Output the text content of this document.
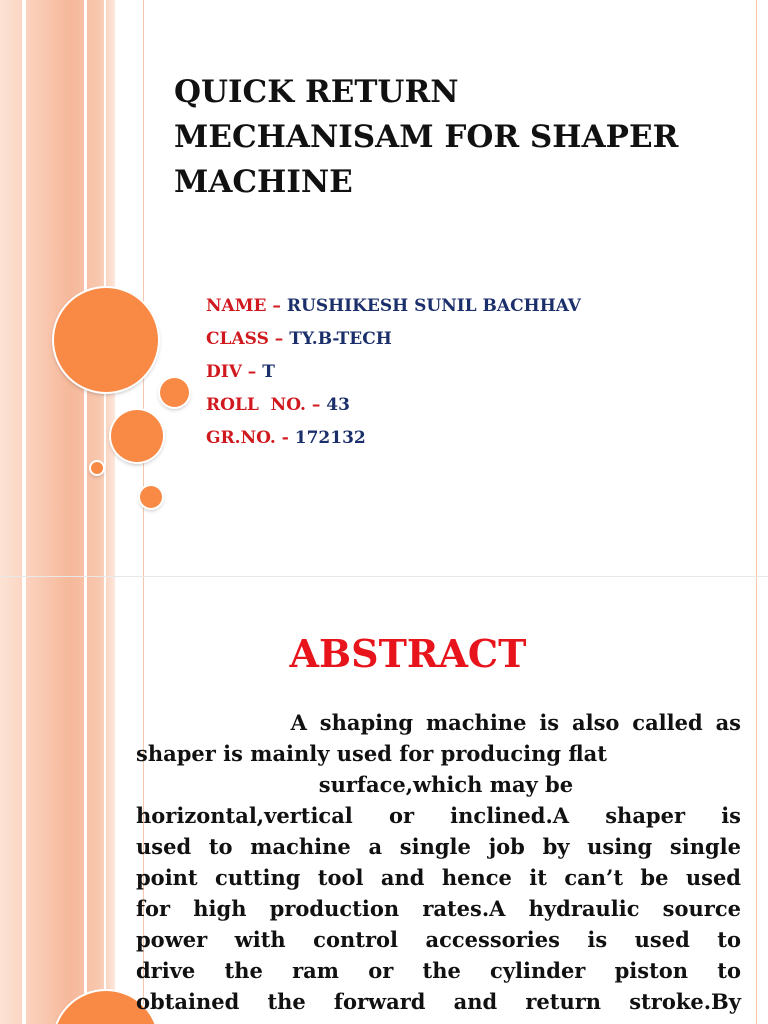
QUICK RETURN
MECHANISAM FOR SHAPER
MACHINE
NAME – RUSHIKESH SUNIL BACHHAV
CLASS – TY.B-TECH
DIV – T
ROLL  NO. – 43
GR.NO. - 172132
ABSTRACT
A shaping machine is also called as
shaper is mainly used for producing flat
surface,which may be
horizontal,vertical or inclined.A shaper is
used to machine a single job by using single
point cutting tool and hence it can’t be used
for high production rates.A hydraulic source
power with control accessories is used to
drive the ram or the cylinder piston to
obtained the forward and return stroke.By
